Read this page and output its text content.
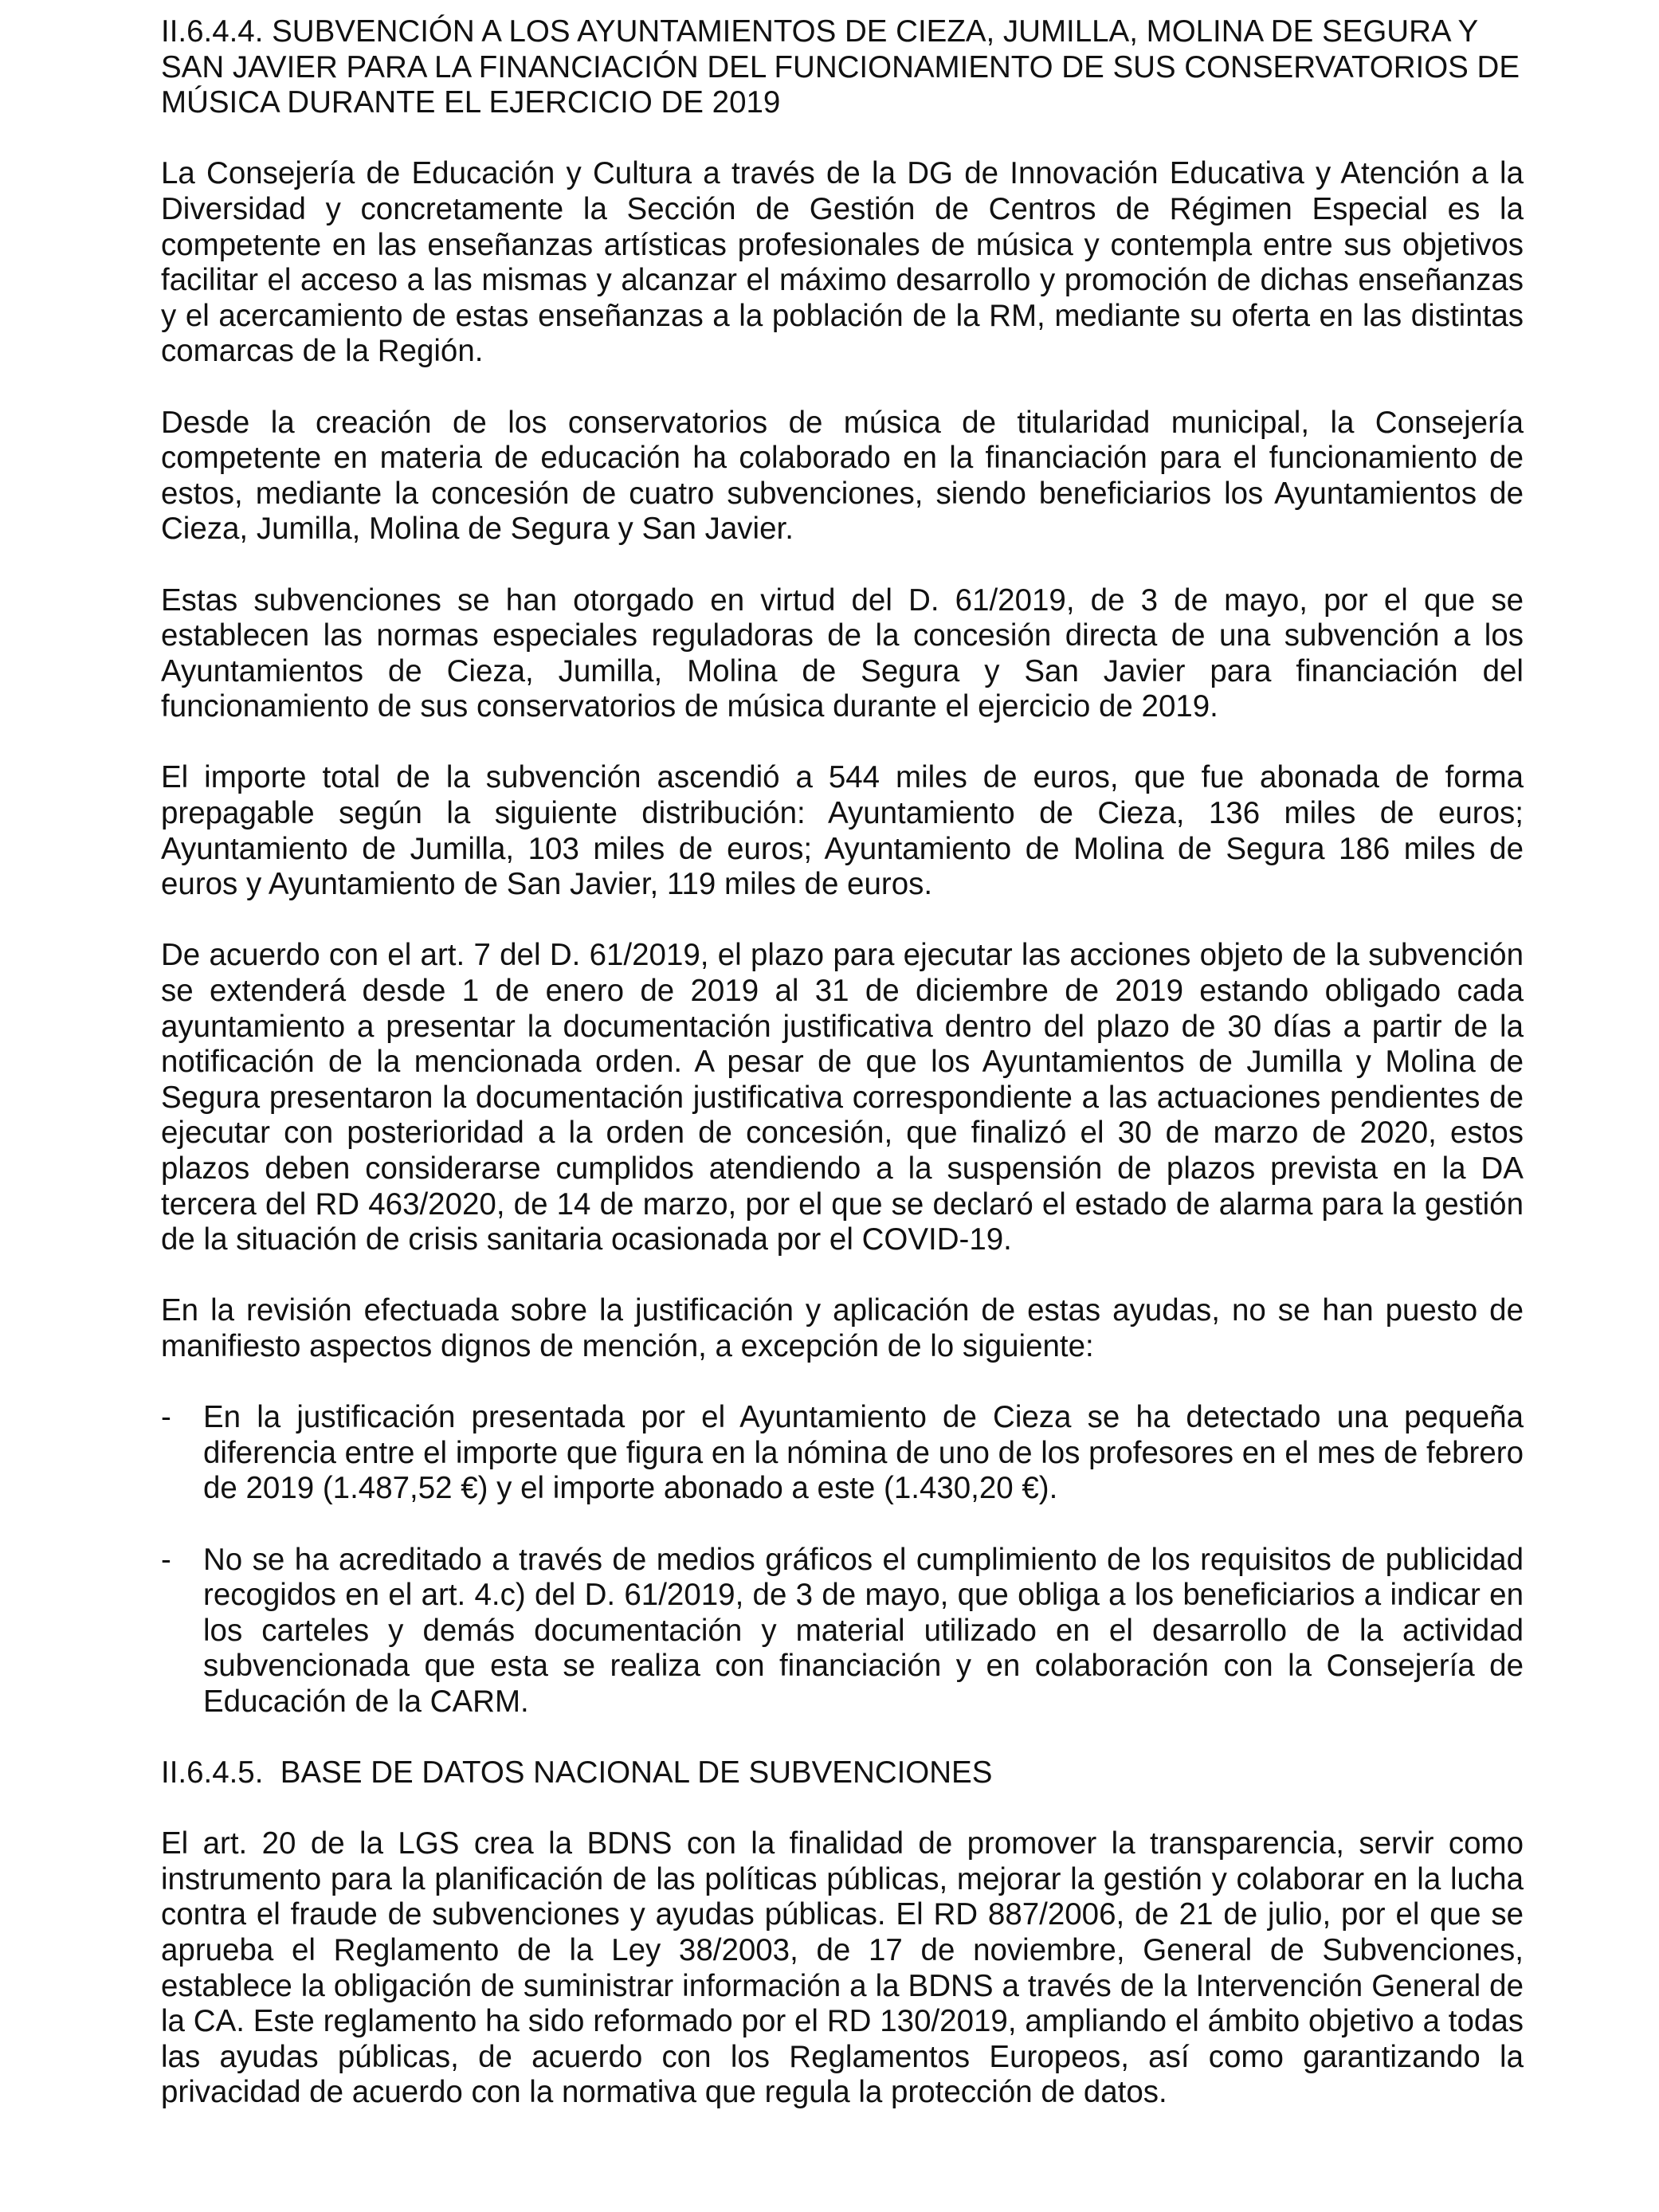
II.6.4.4. SUBVENCIÓN A LOS AYUNTAMIENTOS DE CIEZA, JUMILLA, MOLINA DE SEGURA Y SAN JAVIER PARA LA FINANCIACIÓN DEL FUNCIONAMIENTO DE SUS CONSERVATORIOS DE MÚSICA DURANTE EL EJERCICIO DE 2019

La Consejería de Educación y Cultura a través de la DG de Innovación Educativa y Atención a la Diversidad y concretamente la Sección de Gestión de Centros de Régimen Especial es la competente en las enseñanzas artísticas profesionales de música y contempla entre sus objetivos facilitar el acceso a las mismas y alcanzar el máximo desarrollo y promoción de dichas enseñanzas y el acercamiento de estas enseñanzas a la población de la RM, mediante su oferta en las distintas comarcas de la Región.

Desde la creación de los conservatorios de música de titularidad municipal, la Consejería competente en materia de educación ha colaborado en la financiación para el funcionamiento de estos, mediante la concesión de cuatro subvenciones, siendo beneficiarios los Ayuntamientos de Cieza, Jumilla, Molina de Segura y San Javier.

Estas subvenciones se han otorgado en virtud del D. 61/2019, de 3 de mayo, por el que se establecen las normas especiales reguladoras de la concesión directa de una subvención a los Ayuntamientos de Cieza, Jumilla, Molina de Segura y San Javier para financiación del funcionamiento de sus conservatorios de música durante el ejercicio de 2019.

El importe total de la subvención ascendió a 544 miles de euros, que fue abonada de forma prepagable según la siguiente distribución: Ayuntamiento de Cieza, 136 miles de euros; Ayuntamiento de Jumilla, 103 miles de euros; Ayuntamiento de Molina de Segura 186 miles de euros y Ayuntamiento de San Javier, 119 miles de euros.

De acuerdo con el art. 7 del D. 61/2019, el plazo para ejecutar las acciones objeto de la subvención se extenderá desde 1 de enero de 2019 al 31 de diciembre de 2019 estando obligado cada ayuntamiento a presentar la documentación justificativa dentro del plazo de 30 días a partir de la notificación de la mencionada orden. A pesar de que los Ayuntamientos de Jumilla y Molina de Segura presentaron la documentación justificativa correspondiente a las actuaciones pendientes de ejecutar con posterioridad a la orden de concesión, que finalizó el 30 de marzo de 2020, estos plazos deben considerarse cumplidos atendiendo a la suspensión de plazos prevista en la DA tercera del RD 463/2020, de 14 de marzo, por el que se declaró el estado de alarma para la gestión de la situación de crisis sanitaria ocasionada por el COVID-19.

En la revisión efectuada sobre la justificación y aplicación de estas ayudas, no se han puesto de manifiesto aspectos dignos de mención, a excepción de lo siguiente:

- En la justificación presentada por el Ayuntamiento de Cieza se ha detectado una pequeña diferencia entre el importe que figura en la nómina de uno de los profesores en el mes de febrero de 2019 (1.487,52 €) y el importe abonado a este (1.430,20 €).
- No se ha acreditado a través de medios gráficos el cumplimiento de los requisitos de publicidad recogidos en el art. 4.c) del D. 61/2019, de 3 de mayo, que obliga a los beneficiarios a indicar en los carteles y demás documentación y material utilizado en el desarrollo de la actividad subvencionada que esta se realiza con financiación y en colaboración con la Consejería de Educación de la CARM.
II.6.4.5.  BASE DE DATOS NACIONAL DE SUBVENCIONES

El art. 20 de la LGS crea la BDNS con la finalidad de promover la transparencia, servir como instrumento para la planificación de las políticas públicas, mejorar la gestión y colaborar en la lucha contra el fraude de subvenciones y ayudas públicas. El RD 887/2006, de 21 de julio, por el que se aprueba el Reglamento de la Ley 38/2003, de 17 de noviembre, General de Subvenciones, establece la obligación de suministrar información a la BDNS a través de la Intervención General de la CA. Este reglamento ha sido reformado por el RD 130/2019, ampliando el ámbito objetivo a todas las ayudas públicas, de acuerdo con los Reglamentos Europeos, así como garantizando la privacidad de acuerdo con la normativa que regula la protección de datos.
